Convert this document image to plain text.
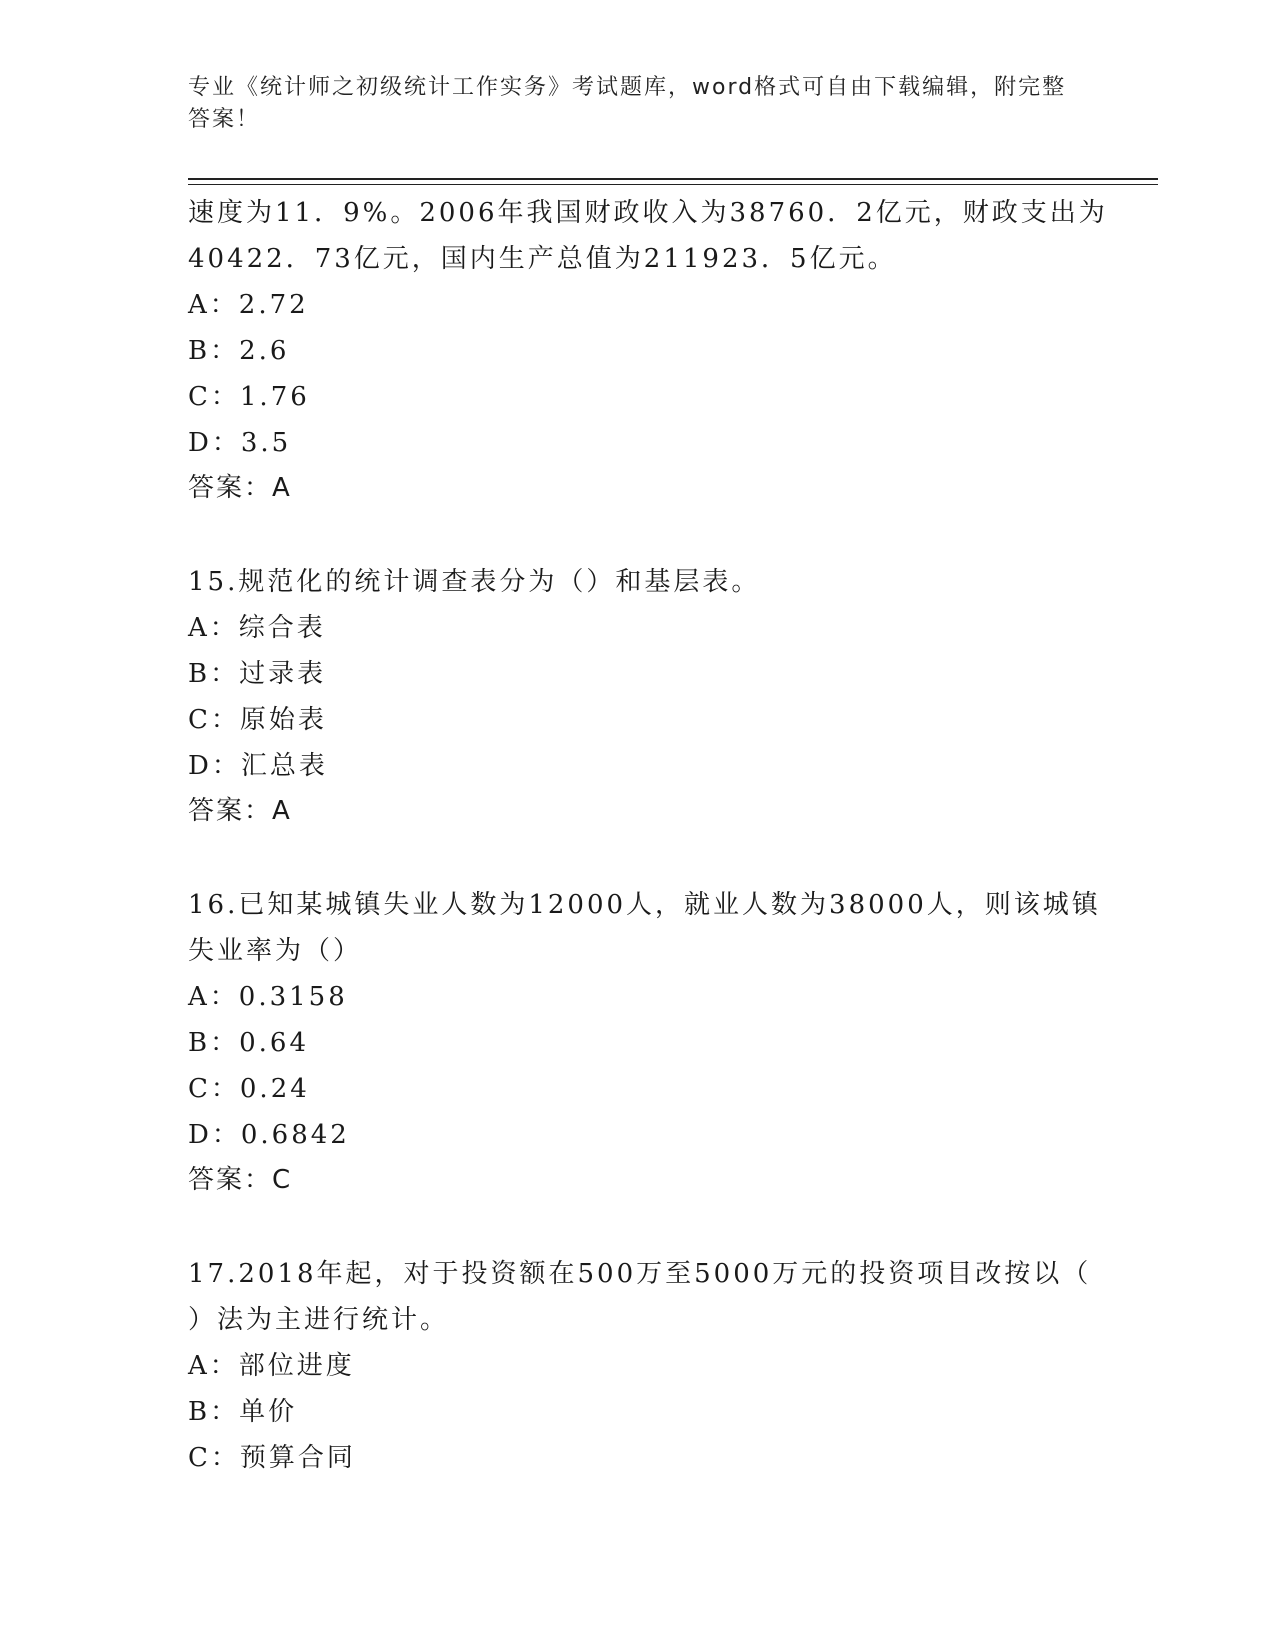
专业《统计师之初级统计工作实务》考试题库，word格式可自由下载编辑，附完整答案！
速度为11．9%。2006年我国财政收入为38760．2亿元，财政支出为
40422．73亿元，国内生产总值为211923．5亿元。
A：2.72
B：2.6
C：1.76
D：3.5
答案：A
15.规范化的统计调查表分为（）和基层表。
A：综合表
B：过录表
C：原始表
D：汇总表
答案：A
16.已知某城镇失业人数为12000人，就业人数为38000人，则该城镇
失业率为（）
A：0.3158
B：0.64
C：0.24
D：0.6842
答案：C
17.2018年起，对于投资额在500万至5000万元的投资项目改按以（
）法为主进行统计。
A：部位进度
B：单价
C：预算合同
